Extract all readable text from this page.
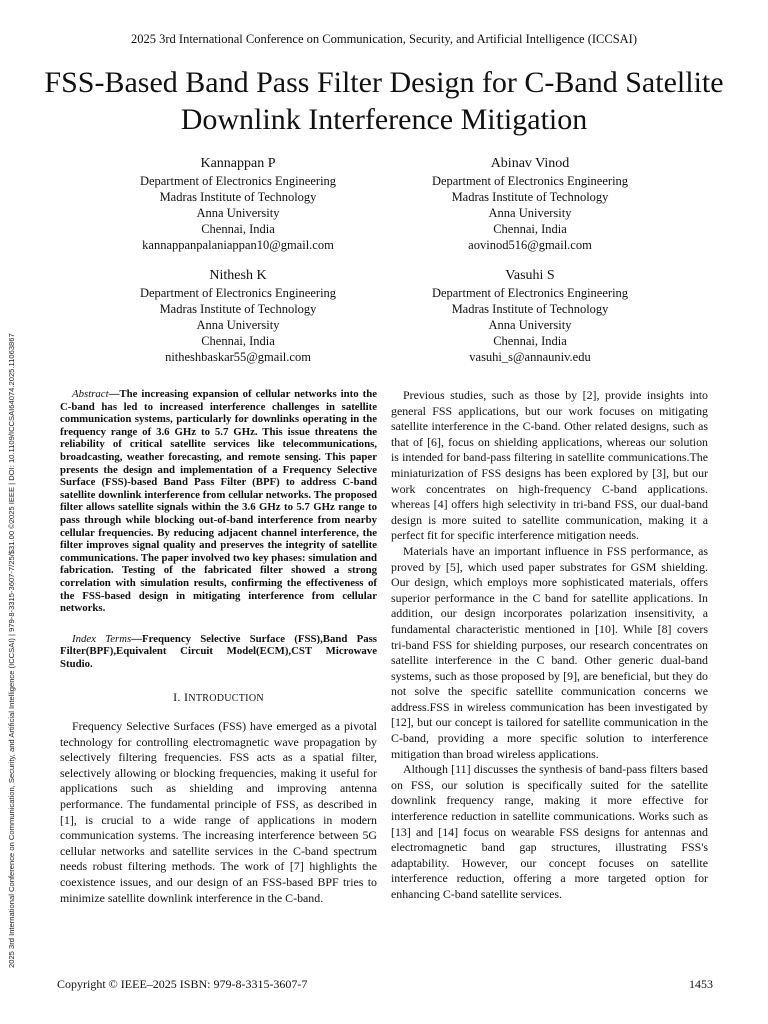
2025 3rd International Conference on Communication, Security, and Artificial Intelligence (ICCSAI)
FSS-Based Band Pass Filter Design for C-Band Satellite Downlink Interference Mitigation
Kannappan P
Department of Electronics Engineering
Madras Institute of Technology
Anna University
Chennai, India
kannappanpalaniappan10@gmail.com
Abinav Vinod
Department of Electronics Engineering
Madras Institute of Technology
Anna University
Chennai, India
aovinod516@gmail.com
Nithesh K
Department of Electronics Engineering
Madras Institute of Technology
Anna University
Chennai, India
nitheshbaskar55@gmail.com
Vasuhi S
Department of Electronics Engineering
Madras Institute of Technology
Anna University
Chennai, India
vasuhi_s@annauniv.edu
2025 3rd International Conference on Communication, Security, and Artificial Intelligence (ICCSAI) | 979-8-3315-3607-7/25/$31.00 ©2025 IEEE | DOI: 10.1109/ICCSAI64074.2025.11063867	Abstract—The increasing expansion of cellular networks into the C-band has led to increased interference challenges in satellite communication systems, particularly for downlinks operating in the frequency range of 3.6 GHz to 5.7 GHz. This issue threatens the reliability of critical satellite services like telecommunications, broadcasting, weather forecasting, and remote sensing. This paper presents the design and implementation of a Frequency Selective Surface (FSS)-based Band Pass Filter (BPF) to address C-band satellite downlink interference from cellular networks. The proposed filter allows satellite signals within the 3.6 GHz to 5.7 GHz range to pass through while blocking out-of-band interference from nearby cellular frequencies. By reducing adjacent channel interference, the filter improves signal quality and preserves the integrity of satellite communications. The paper involved two key phases: simulation and fabrication. Testing of the fabricated filter showed a strong correlation with simulation results, confirming the effectiveness of the FSS-based design in mitigating interference from cellular networks.

Index Terms—Frequency Selective Surface (FSS),Band Pass Filter(BPF),Equivalent Circuit Model(ECM),CST Microwave Studio.

I. INTRODUCTION

Frequency Selective Surfaces (FSS) have emerged as a pivotal technology for controlling electromagnetic wave propagation by selectively filtering frequencies. FSS acts as a spatial filter, selectively allowing or blocking frequencies, making it useful for applications such as shielding and improving antenna performance. The fundamental principle of FSS, as described in [1], is crucial to a wide range of applications in modern communication systems. The increasing interference between 5G cellular networks and satellite services in the C-band spectrum needs robust filtering methods. The work of [7] highlights the coexistence issues, and our design of an FSS-based BPF tries to minimize satellite downlink interference in the C-band.

Previous studies, such as those by [2], provide insights into general FSS applications, but our work focuses on mitigating satellite interference in the C-band. Other related designs, such as that of [6], focus on shielding applications, whereas our solution is intended for band-pass filtering in satellite communications.The miniaturization of FSS designs has been explored by [3], but our work concentrates on high-frequency C-band applications. whereas [4] offers high selectivity in tri-band FSS, our dual-band design is more suited to satellite communication, making it a perfect fit for specific interference mitigation needs.

Materials have an important influence in FSS performance, as proved by [5], which used paper substrates for GSM shielding. Our design, which employs more sophisticated materials, offers superior performance in the C band for satellite applications. In addition, our design incorporates polarization insensitivity, a fundamental characteristic mentioned in [10]. While [8] covers tri-band FSS for shielding purposes, our research concentrates on satellite interference in the C band. Other generic dual-band systems, such as those proposed by [9], are beneficial, but they do not solve the specific satellite communication concerns we address.FSS in wireless communication has been investigated by [12], but our concept is tailored for satellite communication in the C-band, providing a more specific solution to interference mitigation than broad wireless applications.

Although [11] discusses the synthesis of band-pass filters based on FSS, our solution is specifically suited for the satellite downlink frequency range, making it more effective for interference reduction in satellite communications. Works such as [13] and [14] focus on wearable FSS designs for antennas and electromagnetic band gap structures, illustrating FSS's adaptability. However, our concept focuses on satellite interference reduction, offering a more targeted option for enhancing C-band satellite services.

Copyright © IEEE–2025 ISBN: 979-8-3315-3607-7	1453
